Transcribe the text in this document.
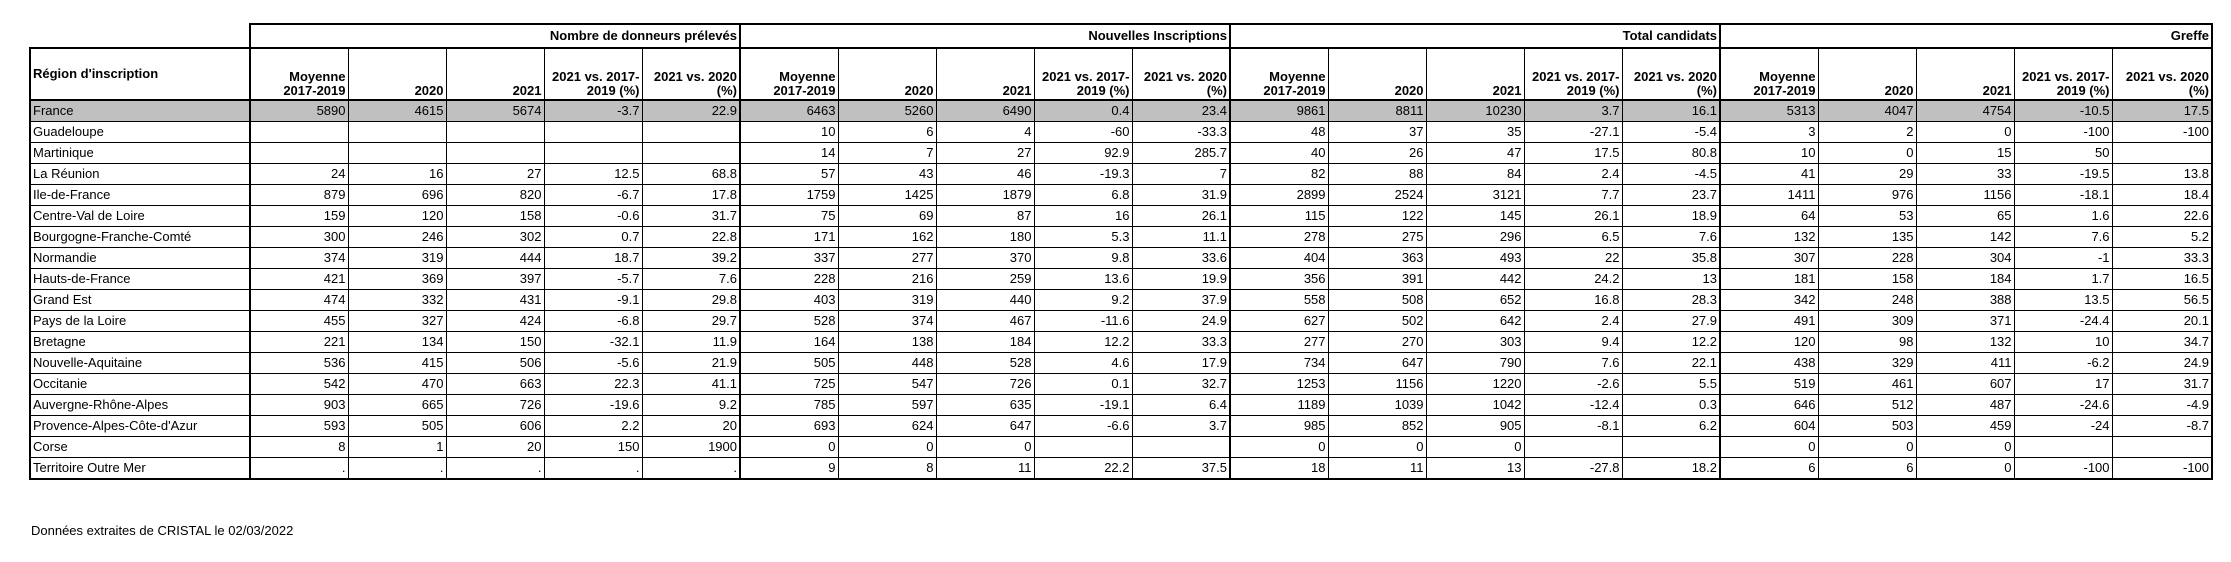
	Nombre de donneurs prélevés					Nouvelles Inscriptions					Total candidats					Greffe				
Région d'inscription	Moyenne 2017-2019	2020	2021	2021 vs. 2017-2019 (%)	2021 vs. 2020 (%)	Moyenne 2017-2019	2020	2021	2021 vs. 2017-2019 (%)	2021 vs. 2020 (%)	Moyenne 2017-2019	2020	2021	2021 vs. 2017-2019 (%)	2021 vs. 2020 (%)	Moyenne 2017-2019	2020	2021	2021 vs. 2017-2019 (%)	2021 vs. 2020 (%)
France	5890	4615	5674	-3.7	22.9	6463	5260	6490	0.4	23.4	9861	8811	10230	3.7	16.1	5313	4047	4754	-10.5	17.5
Guadeloupe						10	6	4	-60	-33.3	48	37	35	-27.1	-5.4	3	2	0	-100	-100
Martinique						14	7	27	92.9	285.7	40	26	47	17.5	80.8	10	0	15	50	
La Réunion	24	16	27	12.5	68.8	57	43	46	-19.3	7	82	88	84	2.4	-4.5	41	29	33	-19.5	13.8
Ile-de-France	879	696	820	-6.7	17.8	1759	1425	1879	6.8	31.9	2899	2524	3121	7.7	23.7	1411	976	1156	-18.1	18.4
Centre-Val de Loire	159	120	158	-0.6	31.7	75	69	87	16	26.1	115	122	145	26.1	18.9	64	53	65	1.6	22.6
Bourgogne-Franche-Comté	300	246	302	0.7	22.8	171	162	180	5.3	11.1	278	275	296	6.5	7.6	132	135	142	7.6	5.2
Normandie	374	319	444	18.7	39.2	337	277	370	9.8	33.6	404	363	493	22	35.8	307	228	304	-1	33.3
Hauts-de-France	421	369	397	-5.7	7.6	228	216	259	13.6	19.9	356	391	442	24.2	13	181	158	184	1.7	16.5
Grand Est	474	332	431	-9.1	29.8	403	319	440	9.2	37.9	558	508	652	16.8	28.3	342	248	388	13.5	56.5
Pays de la Loire	455	327	424	-6.8	29.7	528	374	467	-11.6	24.9	627	502	642	2.4	27.9	491	309	371	-24.4	20.1
Bretagne	221	134	150	-32.1	11.9	164	138	184	12.2	33.3	277	270	303	9.4	12.2	120	98	132	10	34.7
Nouvelle-Aquitaine	536	415	506	-5.6	21.9	505	448	528	4.6	17.9	734	647	790	7.6	22.1	438	329	411	-6.2	24.9
Occitanie	542	470	663	22.3	41.1	725	547	726	0.1	32.7	1253	1156	1220	-2.6	5.5	519	461	607	17	31.7
Auvergne-Rhône-Alpes	903	665	726	-19.6	9.2	785	597	635	-19.1	6.4	1189	1039	1042	-12.4	0.3	646	512	487	-24.6	-4.9
Provence-Alpes-Côte-d'Azur	593	505	606	2.2	20	693	624	647	-6.6	3.7	985	852	905	-8.1	6.2	604	503	459	-24	-8.7
Corse	8	1	20	150	1900	0	0	0			0	0	0			0	0	0		
Territoire Outre Mer	.	.	.	.	.	9	8	11	22.2	37.5	18	11	13	-27.8	18.2	6	6	0	-100	-100
Données extraites de CRISTAL le 02/03/2022
